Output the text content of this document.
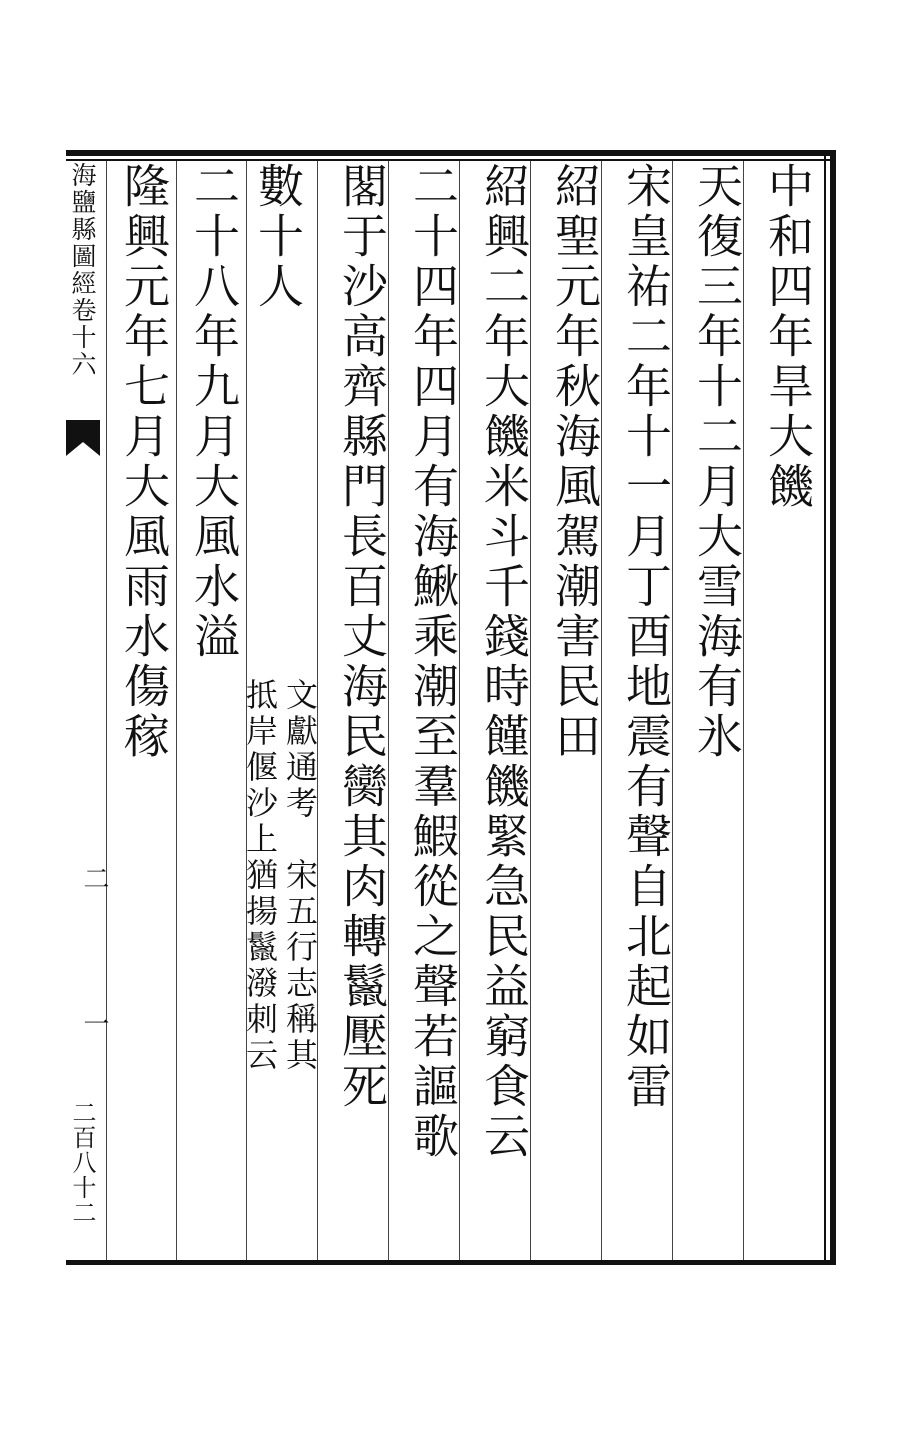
海鹽縣圖經卷十六
二
一
二百八十二
中和四年旱大饑
天復三年十二月大雪海有氷
宋皇祐二年十一月丁酉地震有聲自北起如雷
紹聖元年秋海風駕潮害民田
紹興二年大饑米斗千錢時饉饑緊急民益窮食云
二十四年四月有海鰍乘潮至羣鰕從之聲若謳歌
閣于沙高齊縣門長百丈海民臠其肉轉鬣壓死
數十人
文獻通考　宋五行志稱其
抵岸偃沙上猶揚鬣潑刺云
二十八年九月大風水溢
隆興元年七月大風雨水傷稼
